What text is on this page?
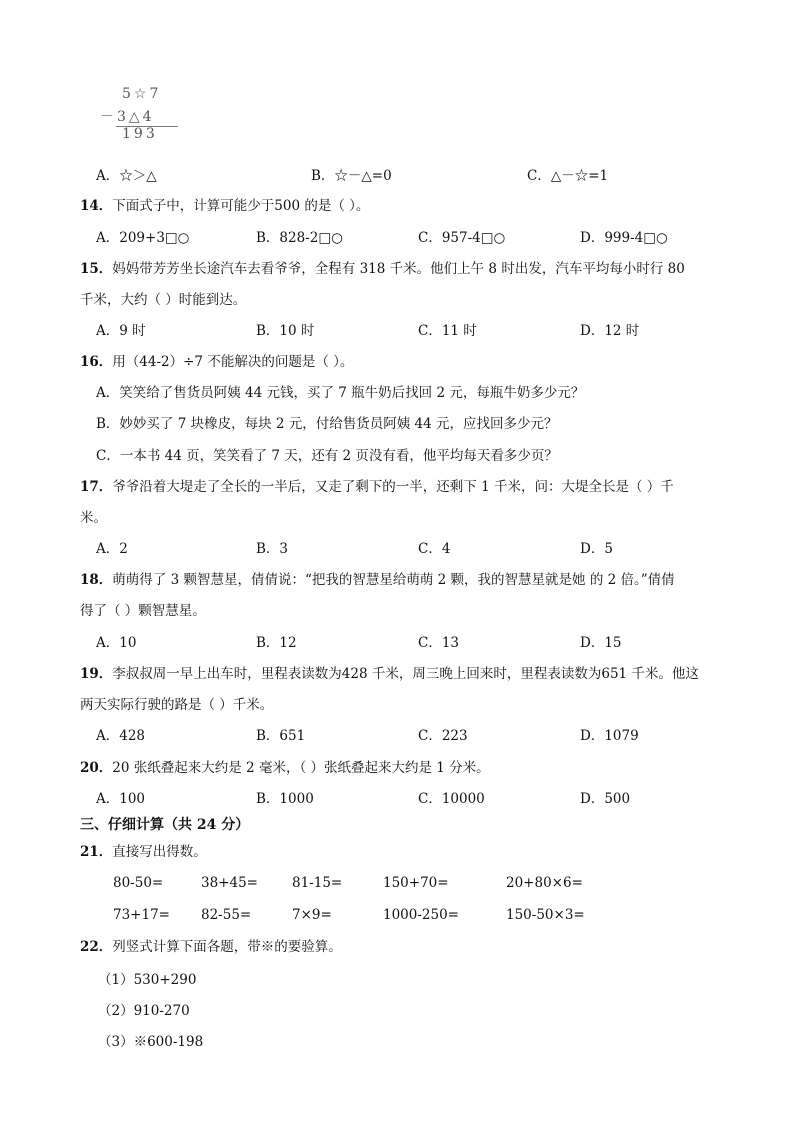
5☆7
－3△4
193
A．☆＞△	B．☆－△=0	C．△－☆=1
14．下面式子中，计算可能少于500 的是（ ）。
A．209+3□○	B．828-2□○	C．957-4□○	D．999-4□○
15．妈妈带芳芳坐长途汽车去看爷爷，全程有 318 千米。他们上午 8 时出发，汽车平均每小时行 80
千米，大约（ ）时能到达。
A．9 时	B．10 时	C．11 时	D．12 时
16．用（44-2）÷7 不能解决的问题是（ ）。
A．笑笑给了售货员阿姨 44 元钱，买了 7 瓶牛奶后找回 2 元，每瓶牛奶多少元？
B．妙妙买了 7 块橡皮，每块 2 元，付给售货员阿姨 44 元，应找回多少元？
C．一本书 44 页，笑笑看了 7 天，还有 2 页没有看，他平均每天看多少页？
17．爷爷沿着大堤走了全长的一半后，又走了剩下的一半，还剩下 1 千米，问：大堤全长是（ ）千
米。
A．2	B．3	C．4	D．5
18．萌萌得了 3 颗智慧星，倩倩说：“把我的智慧星给萌萌 2 颗，我的智慧星就是她 的 2 倍。”倩倩
得了（ ）颗智慧星。
A．10	B．12	C．13	D．15
19．李叔叔周一早上出车时，里程表读数为428 千米，周三晚上回来时，里程表读数为651 千米。他这
两天实际行驶的路是（ ）千米。
A．428	B．651	C．223	D．1079
20．20 张纸叠起来大约是 2 毫米，（ ）张纸叠起来大约是 1 分米。
A．100	B．1000	C．10000	D．500
三、仔细计算（共 24 分）
21．直接写出得数。
80-50=	38+45=	81-15=	150+70=	20+80×6=
73+17= 82-55=	7×9=	1000-250=	150-50×3=
22．列竖式计算下面各题，带※的要验算。
（1）530+290
（2）910-270
（3）※600-198
